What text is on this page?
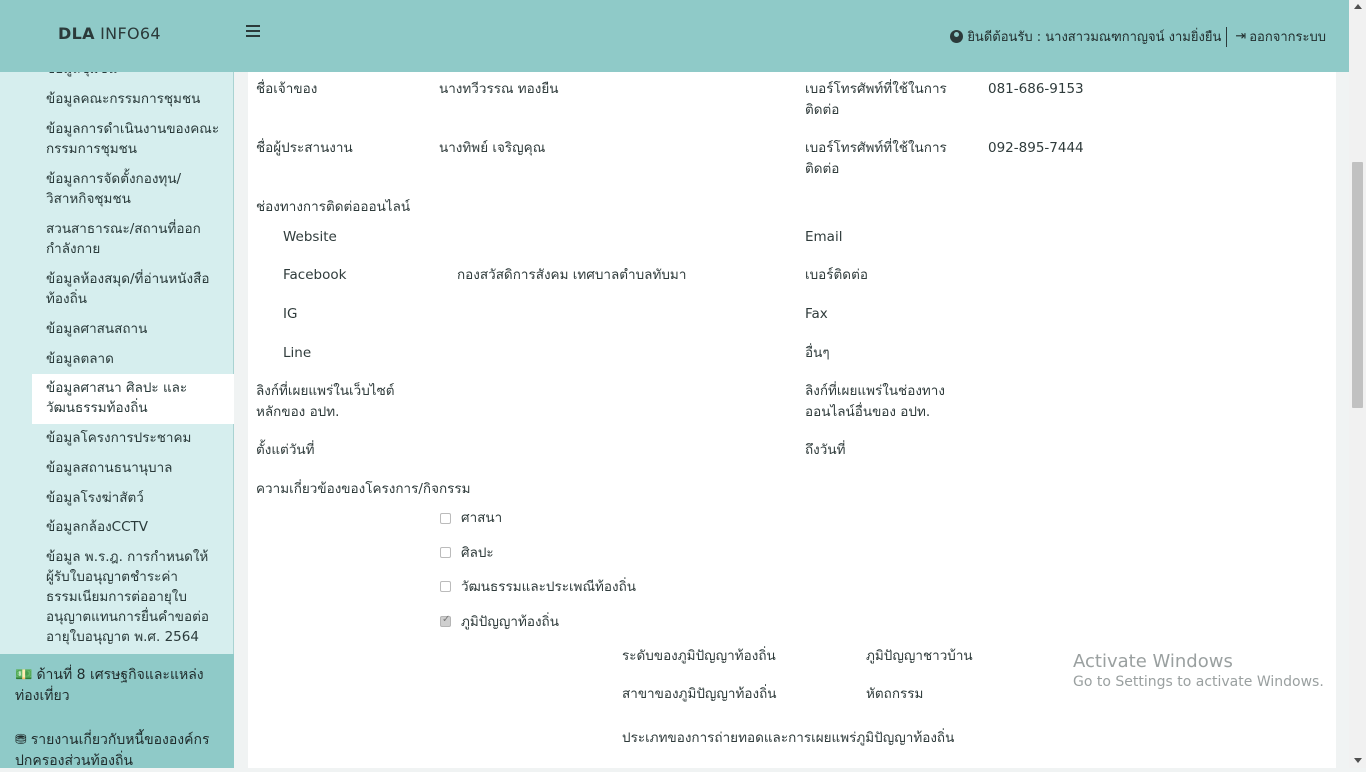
DLA INFO64	ยินดีต้อนรับ : นางสาวมณฑกาญจน์ งามยิ่งยืน ⇥ ออกจากระบบ
ข้อมูลคณะกรรมการชุมชน
ข้อมูลการดำเนินงานของคณะกรรมการชุมชน
ข้อมูลการจัดตั้งกองทุน/วิสาหกิจชุมชน
สวนสาธารณะ/สถานที่ออกกำลังกาย
ข้อมูลห้องสมุด/ที่อ่านหนังสือท้องถิ่น
ข้อมูลศาสนสถาน
ข้อมูลตลาด
ข้อมูลศาสนา ศิลปะ และวัฒนธรรมท้องถิ่น
ข้อมูลโครงการประชาคม
ข้อมูลสถานธนานุบาล
ข้อมูลโรงฆ่าสัตว์
ข้อมูลกล้องCCTV
ข้อมูล พ.ร.ฎ. การกำหนดให้ผู้รับใบอนุญาตชำระค่าธรรมเนียมการต่ออายุใบอนุญาตแทนการยื่นคำขอต่ออายุใบอนุญาต พ.ศ. 2564
💵 ด้านที่ 8 เศรษฐกิจและแหล่งท่องเที่ยว
⛃ รายงานเกี่ยวกับหนี้ขององค์กรปกครองส่วนท้องถิ่น
ชื่อเจ้าของ	นางทวีวรรณ ทองยืน	เบอร์โทรศัพท์ที่ใช้ในการติดต่อ
081-686-9153
ชื่อผู้ประสานงาน	นางทิพย์ เจริญคุณ	เบอร์โทรศัพท์ที่ใช้ในการติดต่อ
092-895-7444
ช่องทางการติดต่อออนไลน์
Website	Email
Facebook	กองสวัสดิการสังคม เทศบาลตำบลทับมา	เบอร์ติดต่อ
IG	Fax
Line	อื่นๆ
ลิงก์ที่เผยแพร่ในเว็บไซต์หลักของ อปท.
ลิงก์ที่เผยแพร่ในช่องทางออนไลน์อื่นของ อปท.
ตั้งแต่วันที่	ถึงวันที่
ความเกี่ยวข้องของโครงการ/กิจกรรม
ศาสนา
ศิลปะ
วัฒนธรรมและประเพณีท้องถิ่น
✓
ภูมิปัญญาท้องถิ่น
ระดับของภูมิปัญญาท้องถิ่น	ภูมิปัญญาชาวบ้าน
สาขาของภูมิปัญญาท้องถิ่น	หัตถกรรม
ประเภทของการถ่ายทอดและการเผยแพร่ภูมิปัญญาท้องถิ่น
Activate Windows
Go to Settings to activate Windows.
